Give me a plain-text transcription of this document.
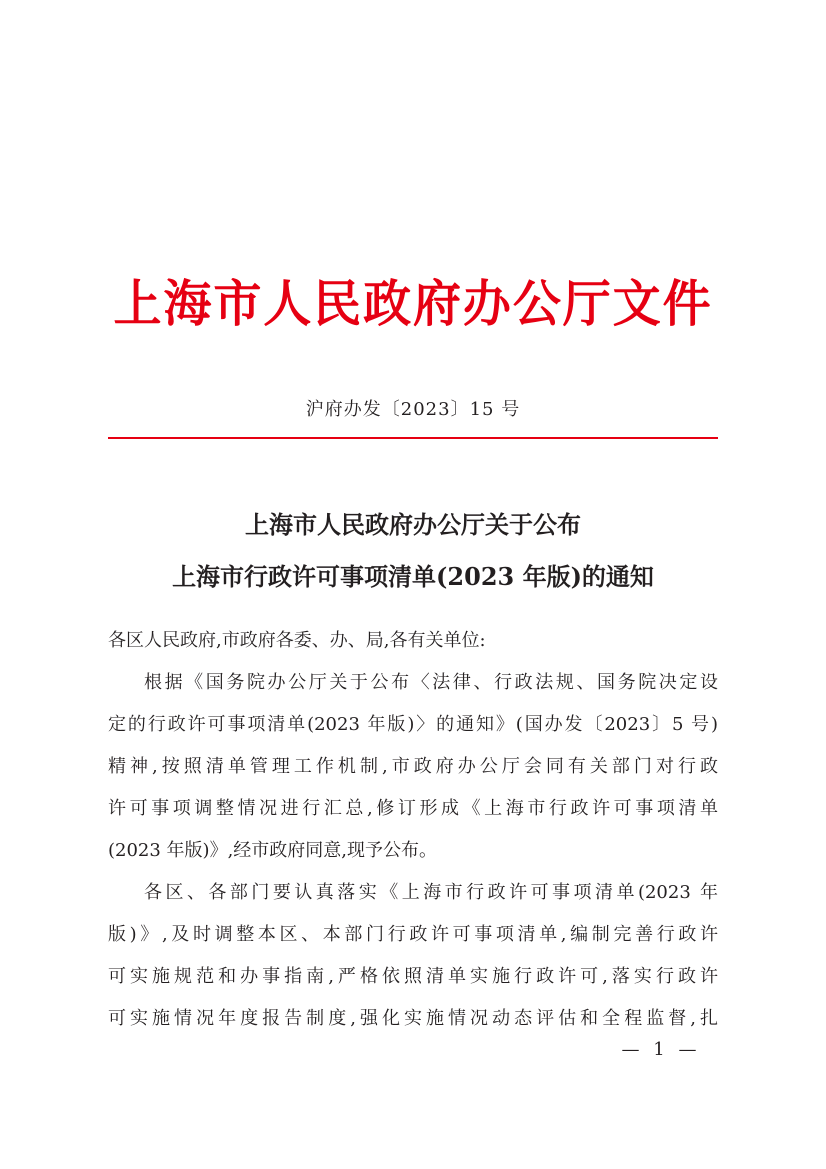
上海市人民政府办公厅文件
沪府办发〔2023〕15 号
上海市人民政府办公厅关于公布
上海市行政许可事项清单(2023 年版)的通知
各区人民政府,市政府各委、办、局,各有关单位:
根据《国务院办公厅关于公布〈法律、行政法规、国务院决定设
定的行政许可事项清单(2023 年版)〉的通知》(国办发〔2023〕5 号)
精神,按照清单管理工作机制,市政府办公厅会同有关部门对行政
许可事项调整情况进行汇总,修订形成《上海市行政许可事项清单
(2023 年版)》,经市政府同意,现予公布。
各区、各部门要认真落实《上海市行政许可事项清单(2023 年
版)》,及时调整本区、本部门行政许可事项清单,编制完善行政许
可实施规范和办事指南,严格依照清单实施行政许可,落实行政许
可实施情况年度报告制度,强化实施情况动态评估和全程监督,扎
— 1 —
